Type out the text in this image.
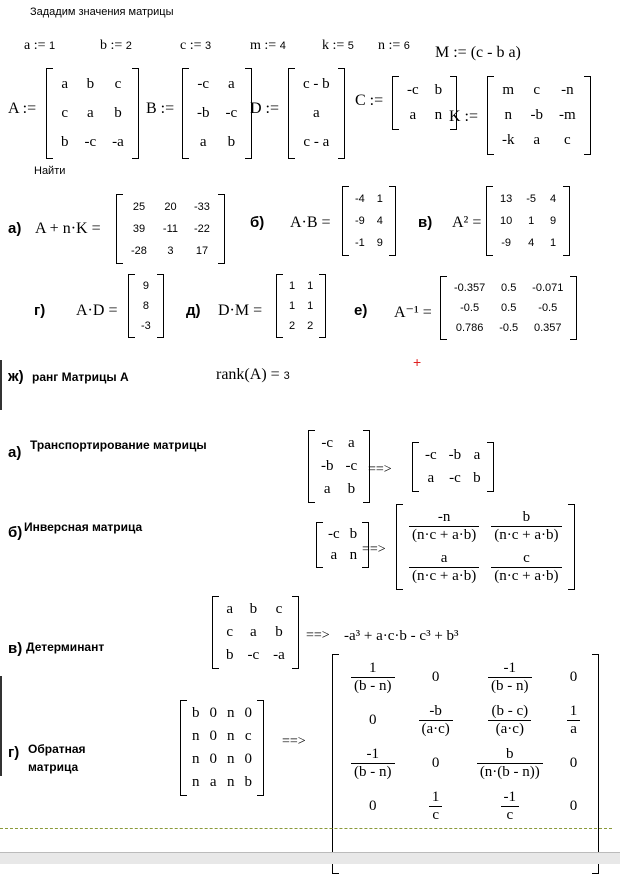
Зададим значения матрицы
a := 1	b := 2	c := 3	m := 4	k := 5 n := 6 M := (c - b a)
A :=
a	b	c
c	a	b
b	-c	-a
B :=
-c	a
-b	-c
a	b
D :=
c - b
a
c - a
C :=
-c	b
a	n K :=
m	c	-n
n	-b	-m
-k	a	c
Найти
а) A + n·K =
25	20	-33
39	-11	-22
-28	3	17
б) A·B =
-4	1
-9	4
-1	9
в) A² =
13	-5	4
10	1	9
-9	4	1
г) A·D =
9
8
-3
д) D·M =
1	1
1	1
2	2
е) A⁻¹ =
-0.357	0.5	-0.071
-0.5	0.5	-0.5
0.786	-0.5	0.357
ж) ранг Матрицы А	rank(A) = 3
+
а) Транспортирование матрицы	-c	a
-b	-c
a	b
==>
-c	-b	a
a	-c	b
б) Инверсная матрица	-c	b
a	n ==>
$\frac{-n}{(n\cdot c + a\cdot b)}$	$\frac{b}{(n\cdot c + a\cdot b)}$

$\frac{a}{(n\cdot c + a\cdot b)}$	$\frac{c}{(n\cdot c + a\cdot b)}$
в) Детерминант
a	b	c
c	a	b
b	-c	-a
==> -a³ + a·c·b - c³ + b³
г) Обратная
матрица
b	0	n	0
n	0	n	c
n	0	n	0
n	a	n	b
==>
$\frac{1}{(b - n)}$	0	$\frac{-1}{(b - n)}$	0
0	$\frac{-b}{(a\cdot c)}$	$\frac{(b - c)}{(a\cdot c)}$	$\frac{1}{a}$

$\frac{-1}{(b - n)}$	0	$\frac{b}{(n\cdot(b - n))}$	0
0	$\frac{1}{c}$	$\frac{-1}{c}$	0
